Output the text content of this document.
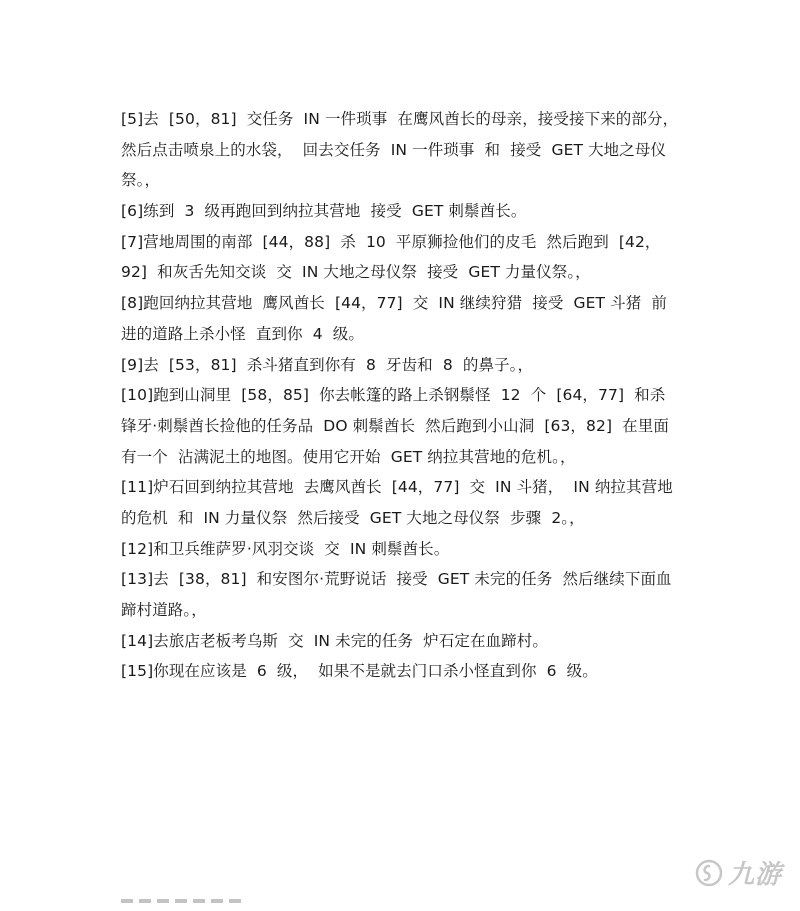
[5]去  [50，81]  交任务  IN 一件琐事  在鹰风酋长的母亲，接受接下来的部分，
然后点击喷泉上的水袋，  回去交任务  IN 一件琐事  和  接受  GET 大地之母仪
祭。，
[6]练到  3  级再跑回到纳拉其营地  接受  GET 刺鬃酋长。
[7]营地周围的南部  [44，88]  杀  10  平原狮捡他们的皮毛  然后跑到  [42，
92]  和灰舌先知交谈  交  IN 大地之母仪祭  接受  GET 力量仪祭。，
[8]跑回纳拉其营地  鹰风酋长  [44，77]  交  IN 继续狩猎  接受  GET 斗猪  前
进的道路上杀小怪  直到你  4  级。
[9]去  [53，81]  杀斗猪直到你有  8  牙齿和  8  的鼻子。，
[10]跑到山洞里  [58，85]  你去帐篷的路上杀钢鬃怪  12  个  [64，77]  和杀
锋牙·刺鬃酋长捡他的任务品  DO 刺鬃酋长  然后跑到小山洞  [63，82]  在里面
有一个  沾满泥土的地图。使用它开始  GET 纳拉其营地的危机。，
[11]炉石回到纳拉其营地  去鹰风酋长  [44，77]  交  IN 斗猪，  IN 纳拉其营地
的危机  和  IN 力量仪祭  然后接受  GET 大地之母仪祭  步骤  2。，
[12]和卫兵维萨罗·风羽交谈  交  IN 刺鬃酋长。
[13]去  [38，81]  和安图尔·荒野说话  接受  GET 未完的任务  然后继续下面血
蹄村道路。，
[14]去旅店老板考乌斯  交  IN 未完的任务  炉石定在血蹄村。
[15]你现在应该是  6  级，  如果不是就去门口杀小怪直到你  6  级。
九游
